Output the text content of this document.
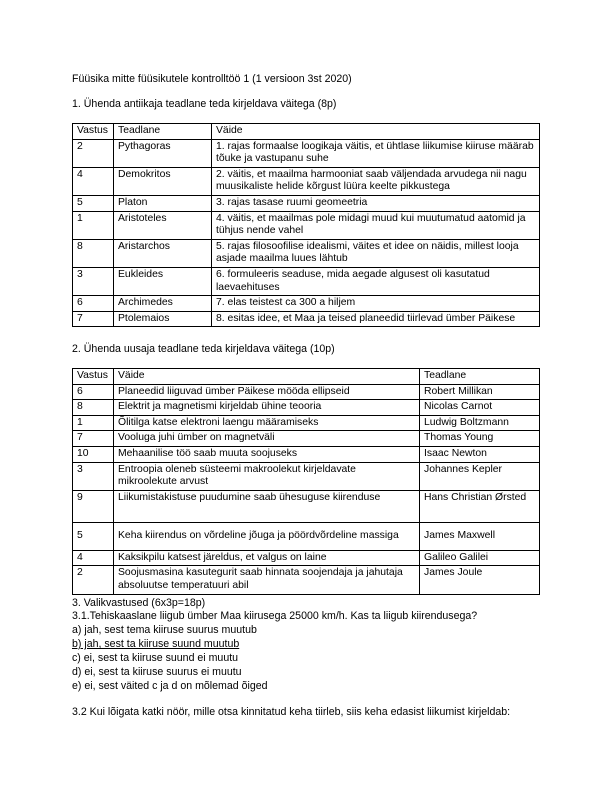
Füüsika mitte füüsikutele kontrolltöö 1 (1 versioon 3st 2020)
1. Ühenda antiikaja teadlane teda kirjeldava väitega (8p)
Vastus	Teadlane	Väide
2	Pythagoras	1. rajas formaalse loogikaja väitis, et ühtlase liikumise kiiruse määrab tõuke ja vastupanu suhe
4	Demokritos	2. väitis, et maailma harmooniat saab väljendada arvudega nii nagu muusikaliste helide kõrgust lüüra keelte pikkustega
5	Platon	3. rajas tasase ruumi geomeetria
1	Aristoteles	4. väitis, et maailmas pole midagi muud kui muutumatud aatomid ja tühjus nende vahel
8	Aristarchos	5. rajas filosoofilise idealismi, väites et idee on näidis, millest looja asjade maailma luues lähtub
3	Eukleides	6. formuleeris seaduse, mida aegade algusest oli kasutatud laevaehituses
6	Archimedes	7. elas teistest ca 300 a hiljem
7	Ptolemaios	8. esitas idee, et Maa ja teised planeedid tiirlevad ümber Päikese
2. Ühenda uusaja teadlane teda kirjeldava väitega (10p)
Vastus	Väide	Teadlane
6	Planeedid liiguvad ümber Päikese mööda ellipseid	Robert Millikan
8	Elektrit ja magnetismi kirjeldab ühine teooria	Nicolas Carnot
1	Õlitilga katse elektroni laengu määramiseks	Ludwig Boltzmann
7	Vooluga juhi ümber on magnetväli	Thomas Young
10	Mehaanilise töö saab muuta soojuseks	Isaac Newton
3	Entroopia oleneb süsteemi makroolekut kirjeldavate mikroolekute arvust	Johannes Kepler
9	Liikumistakistuse puudumine saab ühesuguse kiirenduse	Hans Christian Ørsted
5	Keha kiirendus on võrdeline jõuga ja pöördvõrdeline massiga	James Maxwell
4	Kaksikpilu katsest järeldus, et valgus on laine	Galileo Galilei
2	Soojusmasina kasutegurit saab hinnata soojendaja ja jahutaja absoluutse temperatuuri abil	James Joule
3. Valikvastused (6x3p=18p)
3.1.Tehiskaaslane liigub ümber Maa kiirusega 25000 km/h. Kas ta liigub kiirendusega?
a) jah, sest tema kiiruse suurus muutub
b) jah, sest ta kiiruse suund muutub
c) ei, sest ta kiiruse suund ei muutu
d) ei, sest ta kiiruse suurus ei muutu
e) ei, sest väited c ja d on mõlemad õiged
3.2 Kui lõigata katki nöör, mille otsa kinnitatud keha tiirleb, siis keha edasist liikumist kirjeldab:
